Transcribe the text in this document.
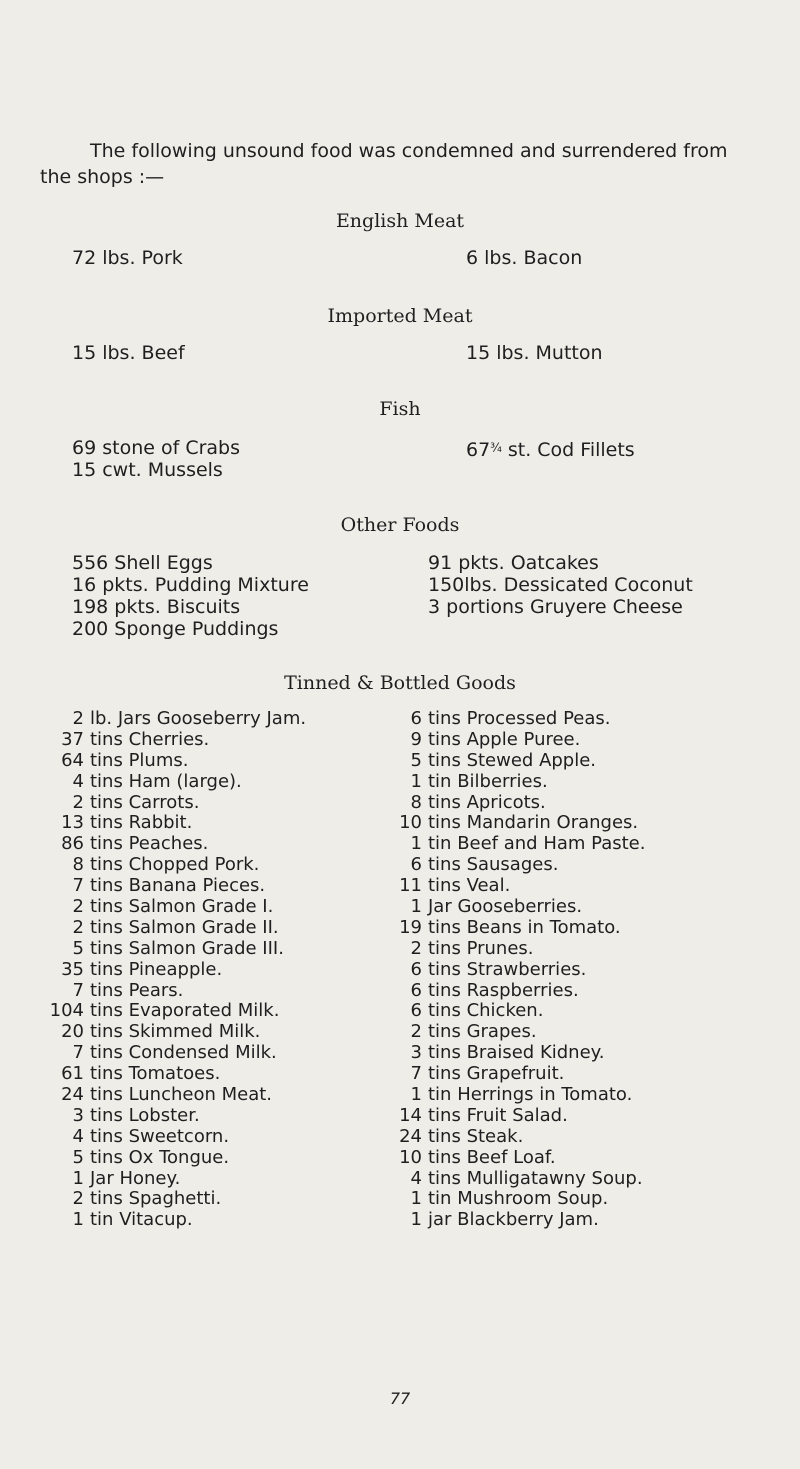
The following unsound food was condemned and surrendered from the shops :—
English Meat
72 lbs. Pork	6 lbs. Bacon
Imported Meat
15 lbs. Beef	15 lbs. Mutton
Fish
69 stone of Crabs
15 cwt. Mussels
$67^{\frac{3}{4}}$ st. Cod Fillets
Other Foods
556 Shell Eggs
16 pkts. Pudding Mixture
198 pkts. Biscuits
200 Sponge Puddings
91 pkts. Oatcakes
150lbs. Dessicated Coconut
3 portions Gruyere Cheese
Tinned & Bottled Goods
2 lb. Jars Gooseberry Jam.
37 tins Cherries.
64 tins Plums.
4 tins Ham (large).
2 tins Carrots.
13 tins Rabbit.
86 tins Peaches.
8 tins Chopped Pork.
7 tins Banana Pieces.
2 tins Salmon Grade I.
2 tins Salmon Grade II.
5 tins Salmon Grade III.
35 tins Pineapple.
7 tins Pears.
104 tins Evaporated Milk.
20 tins Skimmed Milk.
7 tins Condensed Milk.
61 tins Tomatoes.
24 tins Luncheon Meat.
3 tins Lobster.
4 tins Sweetcorn.
5 tins Ox Tongue.
1 Jar Honey.
2 tins Spaghetti.
1 tin Vitacup.
6 tins Processed Peas.
9 tins Apple Puree.
5 tins Stewed Apple.
1 tin Bilberries.
8 tins Apricots.
10 tins Mandarin Oranges.
1 tin Beef and Ham Paste.
6 tins Sausages.
11 tins Veal.
1 Jar Gooseberries.
19 tins Beans in Tomato.
2 tins Prunes.
6 tins Strawberries.
6 tins Raspberries.
6 tins Chicken.
2 tins Grapes.
3 tins Braised Kidney.
7 tins Grapefruit.
1 tin Herrings in Tomato.
14 tins Fruit Salad.
24 tins Steak.
10 tins Beef Loaf.
4 tins Mulligatawny Soup.
1 tin Mushroom Soup.
1 jar Blackberry Jam.
77
